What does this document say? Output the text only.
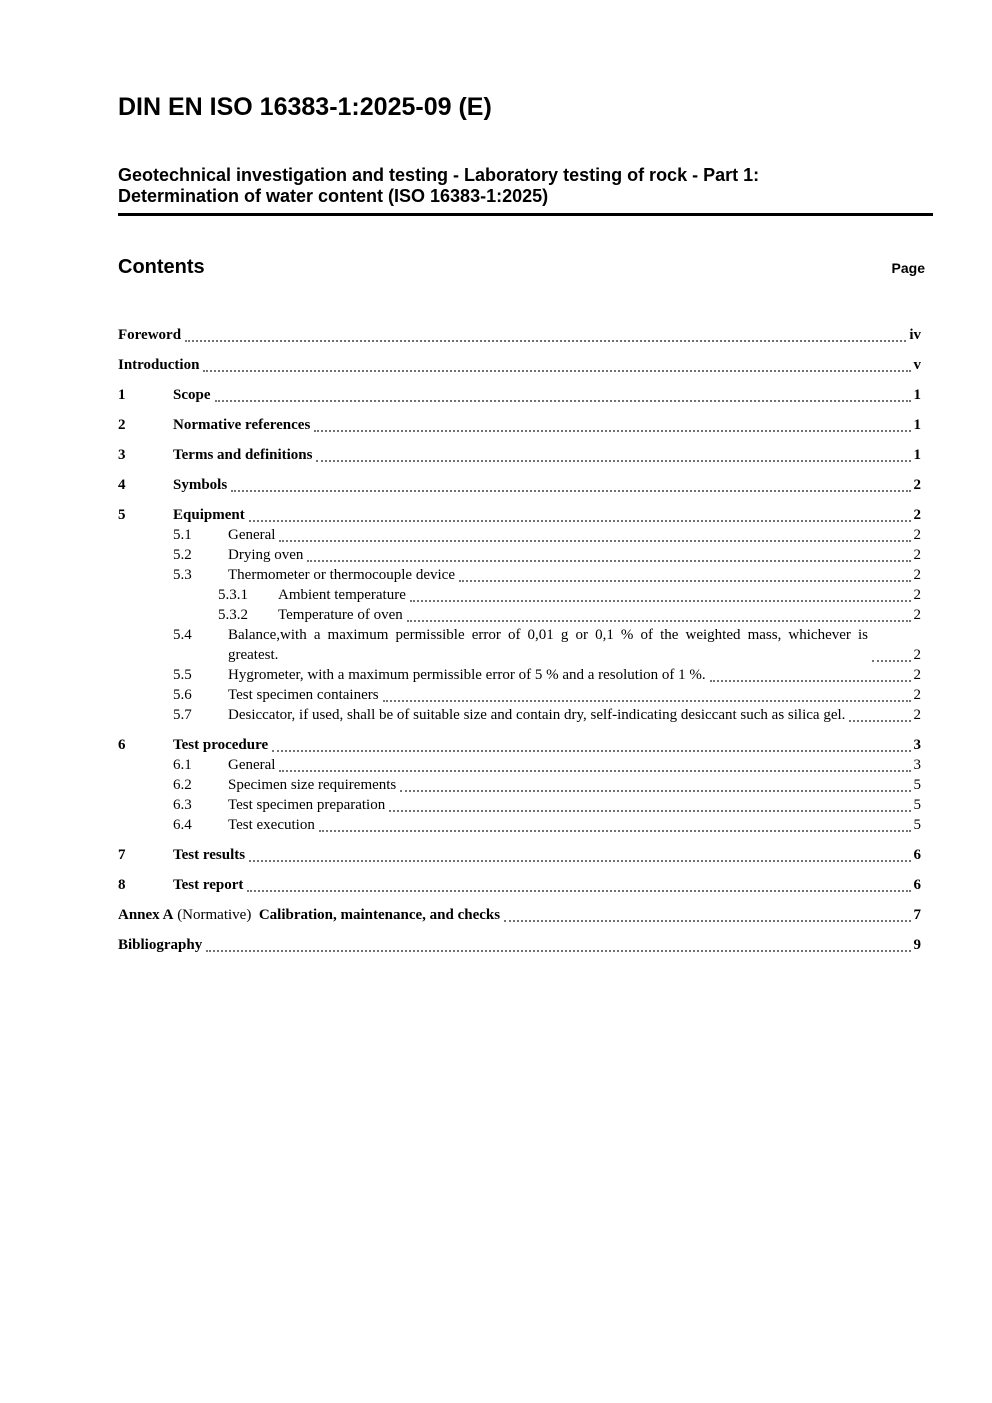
DIN EN ISO 16383-1:2025-09 (E)
Geotechnical investigation and testing - Laboratory testing of rock - Part 1:
Determination of water content (ISO 16383-1:2025)
Contents	Page
Foreword	iv
Introduction	v
1	Scope	1
2	Normative references	1
3	Terms and definitions	1
4	Symbols	2
5	Equipment	2
5.1	General	2
5.2	Drying oven	2
5.3	Thermometer or thermocouple device	2
5.3.1	Ambient temperature	2
5.3.2	Temperature of oven	2
5.4	Balance,with a maximum permissible error of 0,01 g or 0,1 % of the weighted mass, whichever is greatest.	2
5.5	Hygrometer, with a maximum permissible error of 5 % and a resolution of 1 %.	2
5.6	Test specimen containers	2
5.7	Desiccator, if used, shall be of suitable size and contain dry, self-indicating desiccant such as silica gel.	2
6	Test procedure	3
6.1	General	3
6.2	Specimen size requirements	5
6.3	Test specimen preparation	5
6.4	Test execution	5
7	Test results	6
8	Test report	6
Annex A (Normative) Calibration, maintenance, and checks	7
Bibliography	9
